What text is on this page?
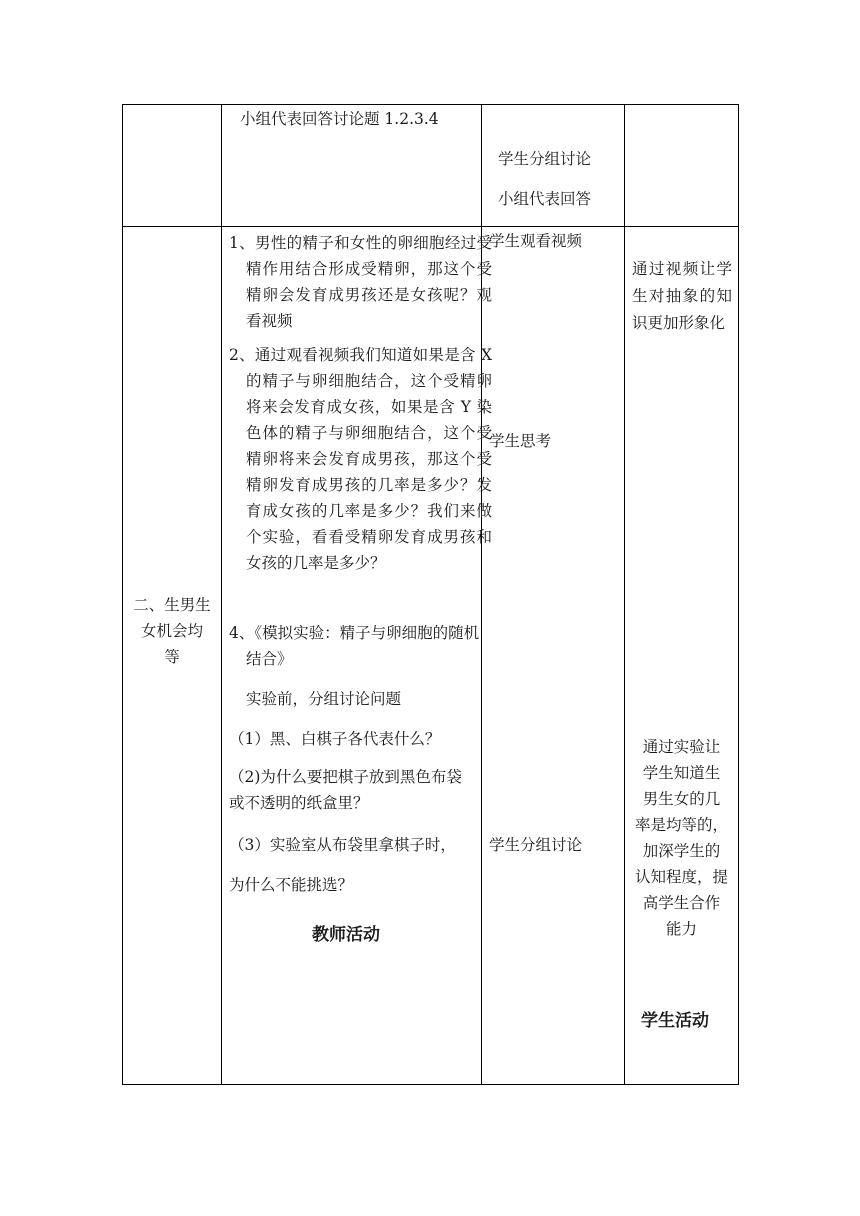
小组代表回答讨论题 1.2.3.4
学生分组讨论
小组代表回答
二、生男生
女机会均
等
1、男性的精子和女性的卵细胞经过受精作用结合形成受精卵，那这个受精卵会发育成男孩还是女孩呢？观看视频
2、通过观看视频我们知道如果是含 X 的精子与卵细胞结合，这个受精卵将来会发育成女孩，如果是含 Y 染色体的精子与卵细胞结合，这个受精卵将来会发育成男孩，那这个受精卵发育成男孩的几率是多少？发育成女孩的几率是多少？我们来做个实验，看看受精卵发育成男孩和女孩的几率是多少？
4、《模拟实验：精子与卵细胞的随机结合》
实验前，分组讨论问题
（1）黑、白棋子各代表什么？
（2)为什么要把棋子放到黑色布袋或不透明的纸盒里？
（3）实验室从布袋里拿棋子时，
为什么不能挑选？
教师活动
学生观看视频
学生思考
学生分组讨论
通过视频让学生对抽象的知识更加形象化
通过实验让
学生知道生
男生女的几
率是均等的，
加深学生的
认知程度，提
高学生合作
能力
学生活动
